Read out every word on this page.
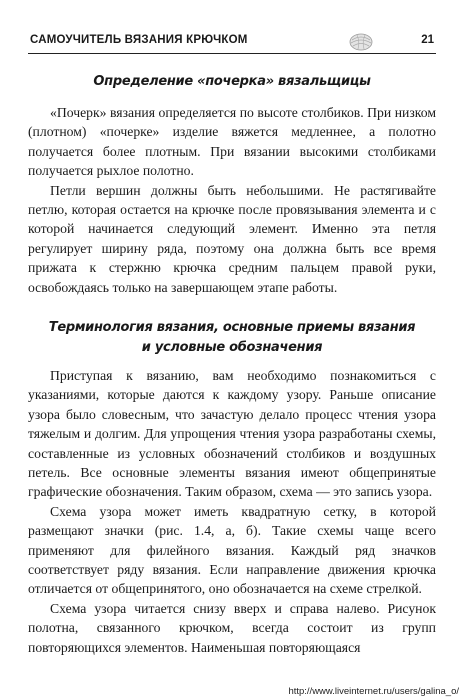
САМОУЧИТЕЛЬ ВЯЗАНИЯ КРЮЧКОМ	21
Определение «почерка» вязальщицы

«Почерк» вязания определяется по высоте столбиков. При низком (плотном) «почерке» изделие вяжется медленнее, а полотно получается более плотным. При вязании высокими столбиками получается рыхлое полотно.

Петли вершин должны быть небольшими. Не растягивайте петлю, которая остается на крючке после провязывания элемента и с которой начинается следующий элемент. Именно эта петля регулирует ширину ряда, поэтому она должна быть все время прижата к стержню крючка средним пальцем правой руки, освобождаясь только на завершающем этапе работы.

Терминология вязания, основные приемы вязания
и условные обозначения

Приступая к вязанию, вам необходимо познакомиться с указаниями, которые даются к каждому узору. Раньше описание узора было словесным, что зачастую делало процесс чтения узора тяжелым и долгим. Для упрощения чтения узора разработаны схемы, составленные из условных обозначений столбиков и воздушных петель. Все основные элементы вязания имеют общепринятые графические обозначения. Таким образом, схема — это запись узора.

Схема узора может иметь квадратную сетку, в которой размещают значки (рис. 1.4, а, б). Такие схемы чаще всего применяют для филейного вязания. Каждый ряд значков соответствует ряду вязания. Если направление движения крючка отличается от общепринятого, оно обозначается на схеме стрелкой.

Схема узора читается снизу вверх и справа налево. Рисунок полотна, связанного крючком, всегда состоит из групп повторяющихся элементов. Наименьшая повторяющаяся

http://www.liveinternet.ru/users/galina_o/
